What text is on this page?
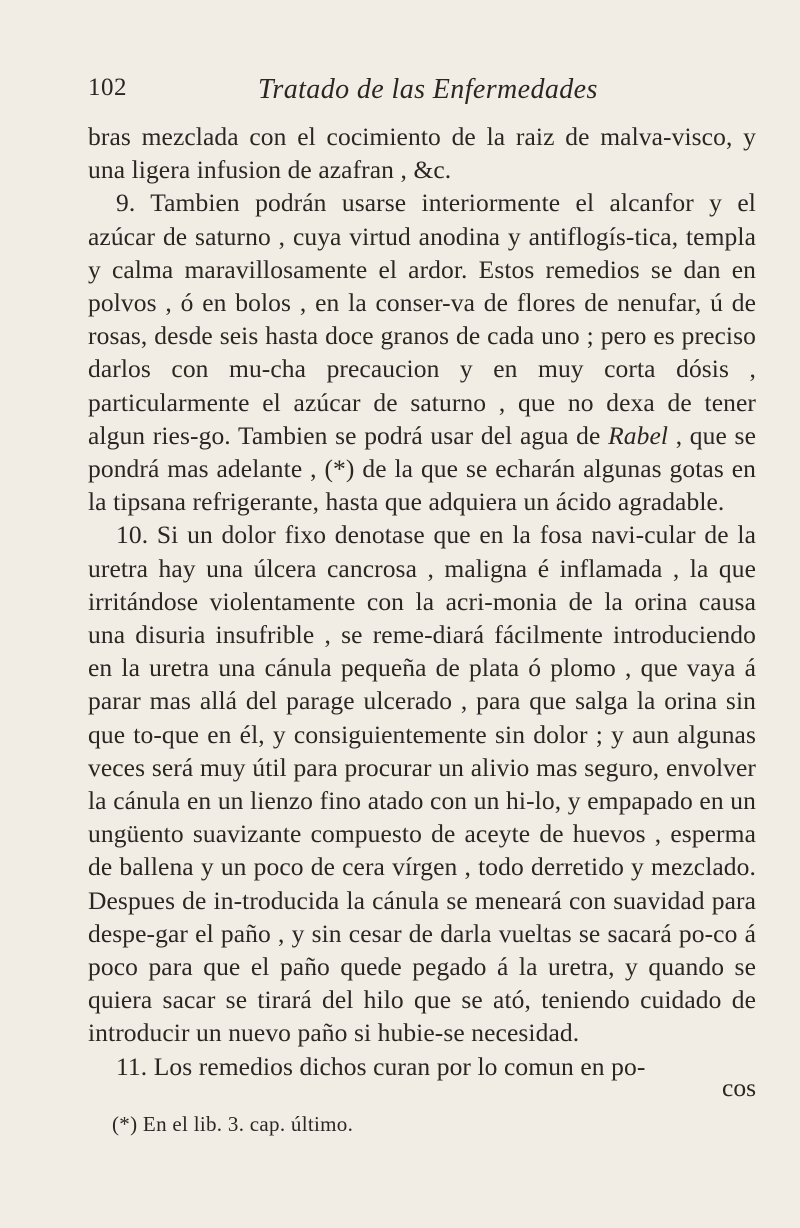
102	Tratado de las Enfermedades

bras mezclada con el cocimiento de la raiz de malva-visco, y una ligera infusion de azafran , &c.

9. Tambien podrán usarse interiormente el alcanfor y el azúcar de saturno , cuya virtud anodina y antiflogís-tica, templa y calma maravillosamente el ardor. Estos remedios se dan en polvos , ó en bolos , en la conser-va de flores de nenufar, ú de rosas, desde seis hasta doce granos de cada uno ; pero es preciso darlos con mu-cha precaucion y en muy corta dósis , particularmente el azúcar de saturno , que no dexa de tener algun ries-go. Tambien se podrá usar del agua de Rabel , que se pondrá mas adelante , (*) de la que se echarán algunas gotas en la tipsana refrigerante, hasta que adquiera un ácido agradable.

10. Si un dolor fixo denotase que en la fosa navi-cular de la uretra hay una úlcera cancrosa , maligna é inflamada , la que irritándose violentamente con la acri-monia de la orina causa una disuria insufrible , se reme-diará fácilmente introduciendo en la uretra una cánula pequeña de plata ó plomo , que vaya á parar mas allá del parage ulcerado , para que salga la orina sin que to-que en él, y consiguientemente sin dolor ; y aun algunas veces será muy útil para procurar un alivio mas seguro, envolver la cánula en un lienzo fino atado con un hi-lo, y empapado en un ungüento suavizante compuesto de aceyte de huevos , esperma de ballena y un poco de cera vírgen , todo derretido y mezclado. Despues de in-troducida la cánula se meneará con suavidad para despe-gar el paño , y sin cesar de darla vueltas se sacará po-co á poco para que el paño quede pegado á la uretra, y quando se quiera sacar se tirará del hilo que se ató, teniendo cuidado de introducir un nuevo paño si hubie-se necesidad.

11. Los remedios dichos curan por lo comun en po-

cos
(*) En el lib. 3. cap. último.
